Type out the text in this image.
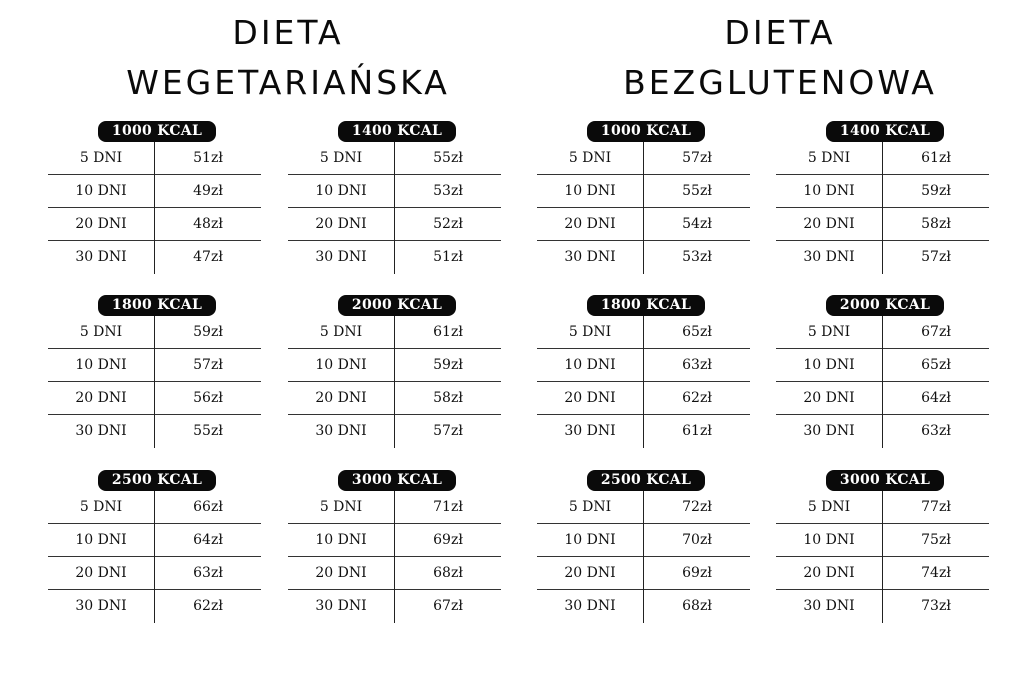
DIETA
WEGETARIAŃSKA
DIETA
BEZGLUTENOWA
1000 KCAL
5 DNI	51zł
10 DNI	49zł
20 DNI	48zł
30 DNI	47zł
1400 KCAL
5 DNI	55zł
10 DNI	53zł
20 DNI	52zł
30 DNI	51zł
1800 KCAL
5 DNI	59zł
10 DNI	57zł
20 DNI	56zł
30 DNI	55zł
2000 KCAL
5 DNI	61zł
10 DNI	59zł
20 DNI	58zł
30 DNI	57zł
2500 KCAL
5 DNI	66zł
10 DNI	64zł
20 DNI	63zł
30 DNI	62zł
3000 KCAL
5 DNI	71zł
10 DNI	69zł
20 DNI	68zł
30 DNI	67zł
1000 KCAL
5 DNI	57zł
10 DNI	55zł
20 DNI	54zł
30 DNI	53zł
1400 KCAL
5 DNI	61zł
10 DNI	59zł
20 DNI	58zł
30 DNI	57zł
1800 KCAL
5 DNI	65zł
10 DNI	63zł
20 DNI	62zł
30 DNI	61zł
2000 KCAL
5 DNI	67zł
10 DNI	65zł
20 DNI	64zł
30 DNI	63zł
2500 KCAL
5 DNI	72zł
10 DNI	70zł
20 DNI	69zł
30 DNI	68zł
3000 KCAL
5 DNI	77zł
10 DNI	75zł
20 DNI	74zł
30 DNI	73zł
